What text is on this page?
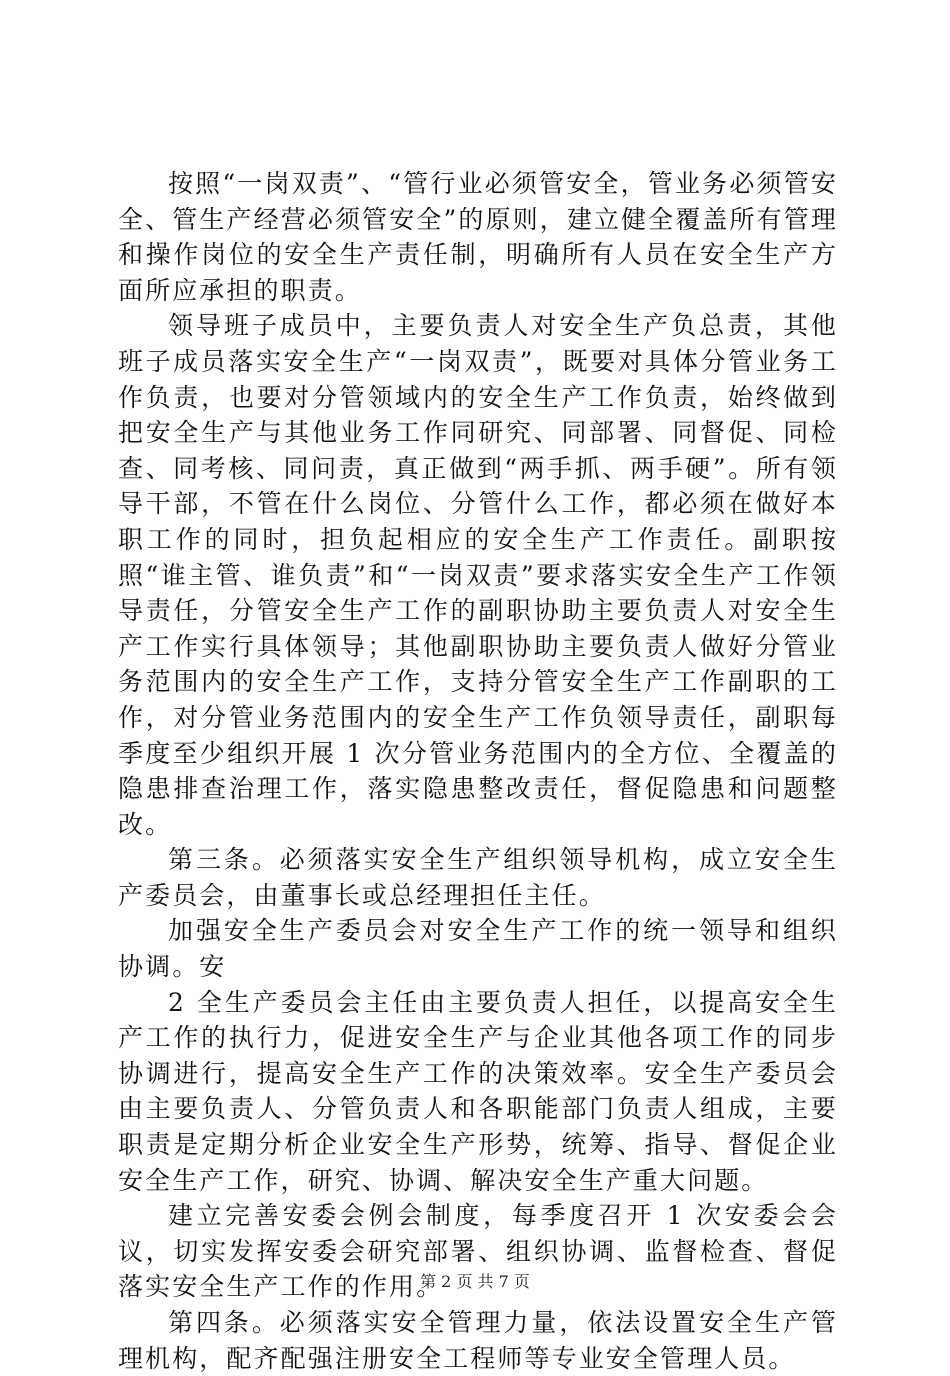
按照“一岗双责”、“管行业必须管安全，管业务必须管安全、管生产经营必须管安全”的原则，建立健全覆盖所有管理和操作岗位的安全生产责任制，明确所有人员在安全生产方面所应承担的职责。

领导班子成员中，主要负责人对安全生产负总责，其他班子成员落实安全生产“一岗双责”，既要对具体分管业务工作负责，也要对分管领域内的安全生产工作负责，始终做到把安全生产与其他业务工作同研究、同部署、同督促、同检查、同考核、同问责，真正做到“两手抓、两手硬”。所有领导干部，不管在什么岗位、分管什么工作，都必须在做好本职工作的同时，担负起相应的安全生产工作责任。副职按照“谁主管、谁负责”和“一岗双责”要求落实安全生产工作领导责任，分管安全生产工作的副职协助主要负责人对安全生产工作实行具体领导；其他副职协助主要负责人做好分管业务范围内的安全生产工作，支持分管安全生产工作副职的工作，对分管业务范围内的安全生产工作负领导责任，副职每季度至少组织开展 1 次分管业务范围内的全方位、全覆盖的隐患排查治理工作，落实隐患整改责任，督促隐患和问题整改。

第三条。必须落实安全生产组织领导机构，成立安全生产委员会，由董事长或总经理担任主任。

加强安全生产委员会对安全生产工作的统一领导和组织协调。安

2 全生产委员会主任由主要负责人担任，以提高安全生产工作的执行力，促进安全生产与企业其他各项工作的同步协调进行，提高安全生产工作的决策效率。安全生产委员会由主要负责人、分管负责人和各职能部门负责人组成，主要职责是定期分析企业安全生产形势，统筹、指导、督促企业安全生产工作，研究、协调、解决安全生产重大问题。

建立完善安委会例会制度，每季度召开 1 次安委会会议，切实发挥安委会研究部署、组织协调、监督检查、督促落实安全生产工作的作用。

第四条。必须落实安全管理力量，依法设置安全生产管理机构，配齐配强注册安全工程师等专业安全管理人员。

第 2 页 共 7 页
